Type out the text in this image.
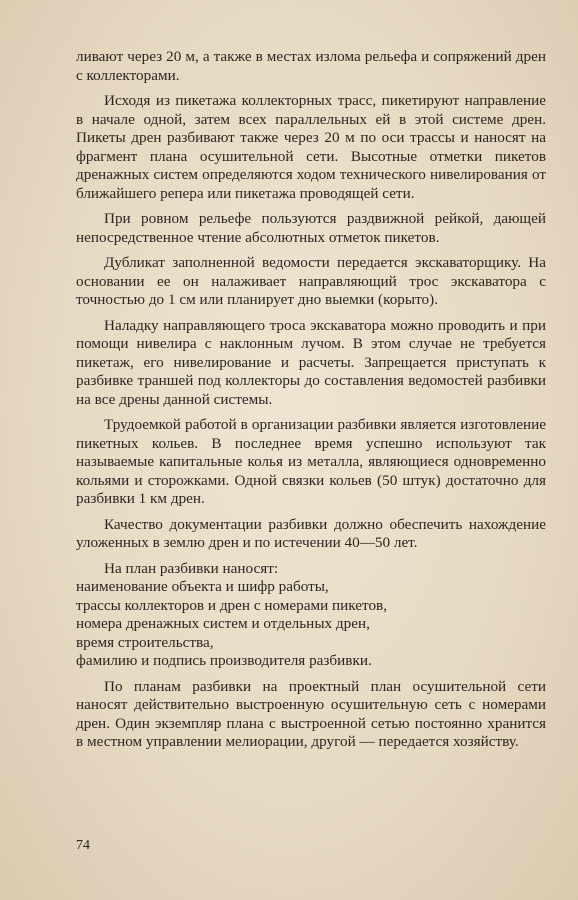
ливают через 20 м, а также в местах излома рельефа и сопряжений дрен с коллекторами.

Исходя из пикетажа коллекторных трасс, пикетируют направление в начале одной, затем всех параллельных ей в этой системе дрен. Пикеты дрен разбивают также через 20 м по оси трассы и наносят на фрагмент плана осушительной сети. Высотные отметки пикетов дренажных систем определяются ходом технического нивелирования от ближайшего репера или пикетажа проводящей сети.

При ровном рельефе пользуются раздвижной рейкой, дающей непосредственное чтение абсолютных отметок пикетов.

Дубликат заполненной ведомости передается экскаваторщику. На основании ее он налаживает направляющий трос экскаватора с точностью до 1 см или планирует дно выемки (корыто).

Наладку направляющего троса экскаватора можно проводить и при помощи нивелира с наклонным лучом. В этом случае не требуется пикетаж, его нивелирование и расчеты. Запрещается приступать к разбивке траншей под коллекторы до составления ведомостей разбивки на все дрены данной системы.

Трудоемкой работой в организации разбивки является изготовление пикетных кольев. В последнее время успешно используют так называемые капитальные колья из металла, являющиеся одновременно кольями и сторожками. Одной связки кольев (50 штук) достаточно для разбивки 1 км дрен.

Качество документации разбивки должно обеспечить нахождение уложенных в землю дрен и по истечении 40—50 лет.

На план разбивки наносят:

наименование объекта и шифр работы,
трассы коллекторов и дрен с номерами пикетов,
номера дренажных систем и отдельных дрен,
время строительства,
фамилию и подпись производителя разбивки.

По планам разбивки на проектный план осушительной сети наносят действительно выстроенную осушительную сеть с номерами дрен. Один экземпляр плана с выстроенной сетью постоянно хранится в местном управлении мелиорации, другой — передается хозяйству.

74
